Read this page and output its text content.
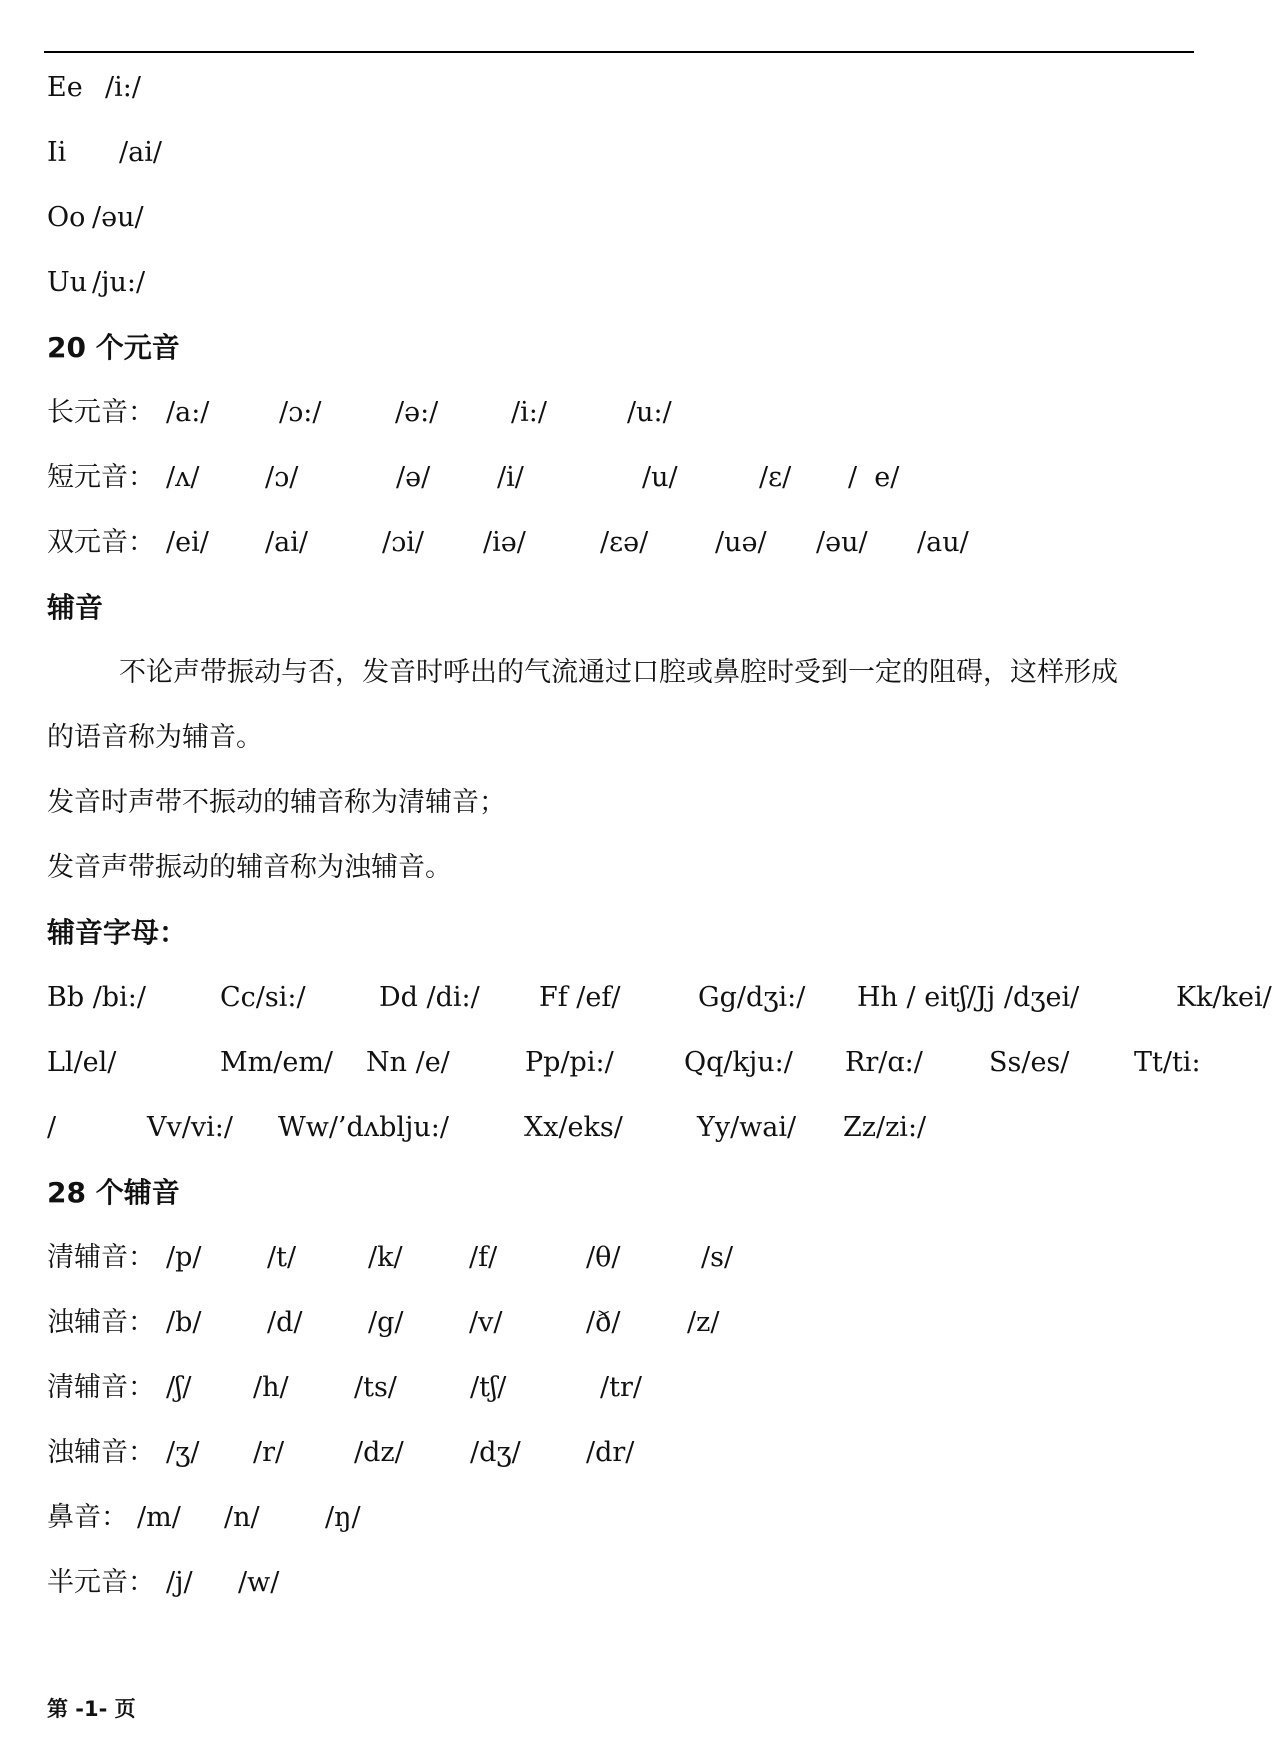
Ee /i:/
Ii /ai/
Oo /əu/
Uu /ju:/
20 个元音
长元音： /a:/	/ɔ:/	/ə:/	/i:/	/u:/
短元音： /ʌ/ /ɔ/	/ə/ /i/	/u/	/ɛ/ /  e/
双元音： /ei/ /ai/	/ɔi/ /iə/	/ɛə/ /uə/ /əu/ /au/
辅音
不论声带振动与否，发音时呼出的气流通过口腔或鼻腔时受到一定的阻碍，这样形成
的语音称为辅音。
发音时声带不振动的辅音称为清辅音；
发音声带振动的辅音称为浊辅音。
辅音字母：
Bb /bi:/	Cc/si:/	Dd /di:/ Ff /ef/	Gg/dʒi:/ Hh / eitʃ/Jj /dʒei/	Kk/kei/
Ll/el/	Mm/em/ Nn /e/	Pp/pi:/	Qq/kju:/ Rr/ɑ:/ Ss/es/ Tt/ti:
/	Vv/vi:/ Ww/’dʌblju:/	Xx/eks/	Yy/wai/ Zz/zi:/
28 个辅音
清辅音： /p/ /t/	/k/ /f/	/θ/	/s/
浊辅音： /b/ /d/ /g/ /v/	/ð/ /z/
清辅音： /ʃ/ /h/ /ts/	/tʃ/	/tr/
浊辅音： /ʒ/ /r/	/dz/ /dʒ/ /dr/
鼻音： /m/ /n/ /ŋ/
半元音： /j/ /w/
第 -1- 页
